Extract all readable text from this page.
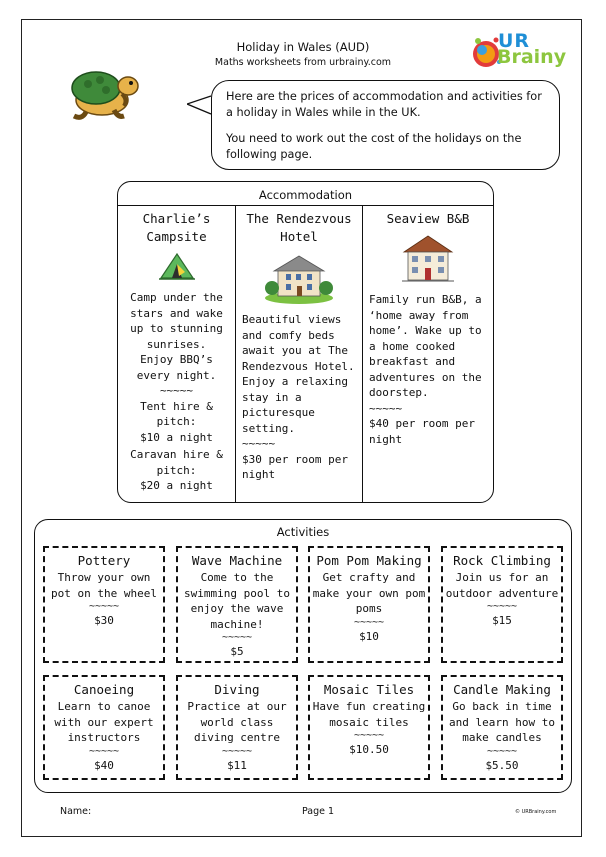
Holiday in Wales (AUD)
Maths worksheets from urbrainy.com
UR
Brainy

Here are the prices of accommodation and activities for a holiday in Wales while in the UK.

You need to work out the cost of the holidays on the following page.

Accommodation
Charlie’s Campsite
Camp under the stars and wake up to stunning sunrises.
Enjoy BBQ’s every night.
~~~~~
Tent hire & pitch:
$10 a night
Caravan hire & pitch:
$20 a night
The Rendezvous Hotel
Beautiful views and comfy beds await you at The Rendezvous Hotel. Enjoy a relaxing stay in a picturesque setting.
~~~~~
$30 per room per night
Seaview B&B
Family run B&B, a ‘home away from home’. Wake up to a home cooked breakfast and adventures on the doorstep.
~~~~~
$40 per room per night
Activities
Pottery
Throw your own pot on the wheel
~~~~~
$30
Wave Machine
Come to the swimming pool to enjoy the wave machine!
~~~~~
$5
Pom Pom Making
Get crafty and make your own pom poms
~~~~~
$10
Rock Climbing
Join us for an outdoor adventure
~~~~~
$15
Canoeing
Learn to canoe with our expert instructors
~~~~~
$40
Diving
Practice at our world class diving centre
~~~~~
$11
Mosaic Tiles
Have fun creating mosaic tiles
~~~~~
$10.50
Candle Making
Go back in time and learn how to make candles
~~~~~
$5.50
Name:	Page 1	© URBrainy.com
